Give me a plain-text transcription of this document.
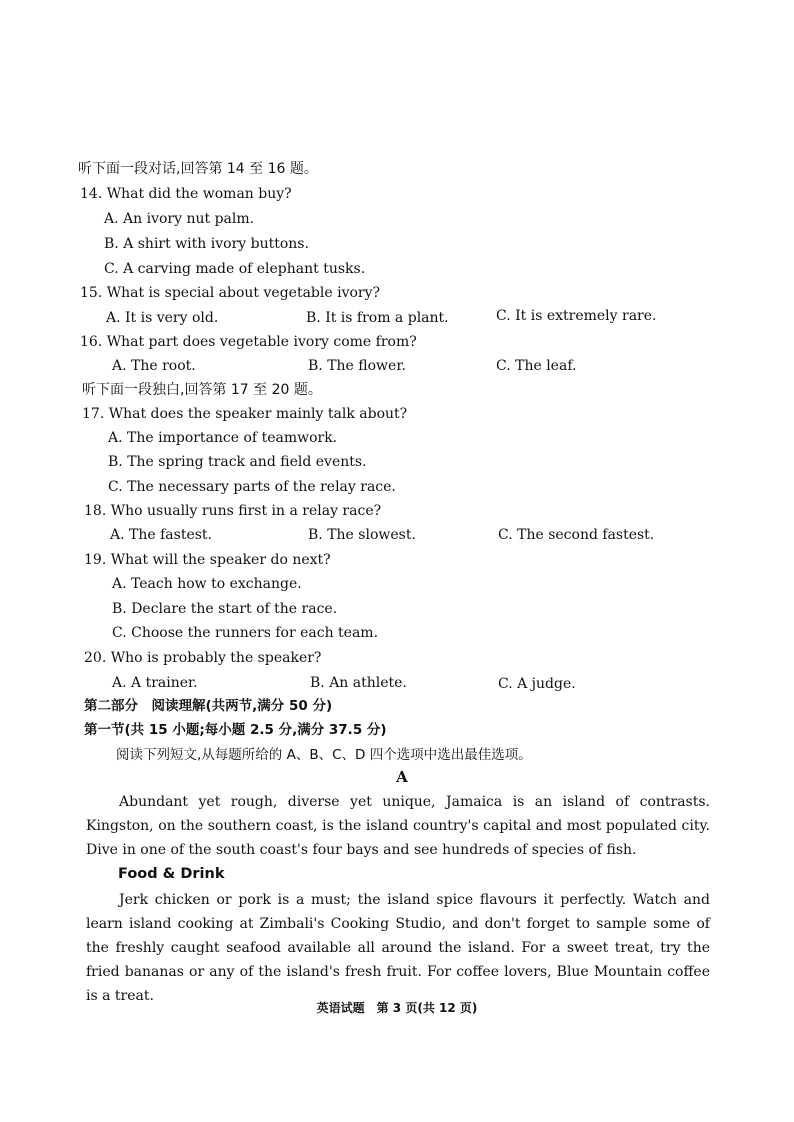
听下面一段对话,回答第 14 至 16 题。
14. What did the woman buy?
A. An ivory nut palm.
B. A shirt with ivory buttons.
C. A carving made of elephant tusks.
15. What is special about vegetable ivory?
A. It is very old.	B. It is from a plant.	C. It is extremely rare.
16. What part does vegetable ivory come from?
A. The root.	B. The flower.	C. The leaf.
听下面一段独白,回答第 17 至 20 题。
17. What does the speaker mainly talk about?
A. The importance of teamwork.
B. The spring track and field events.
C. The necessary parts of the relay race.
18. Who usually runs first in a relay race?
A. The fastest.	B. The slowest.	C. The second fastest.
19. What will the speaker do next?
A. Teach how to exchange.
B. Declare the start of the race.
C. Choose the runners for each team.
20. Who is probably the speaker?
A. A trainer.	B. An athlete.	C. A judge.
第二部分　阅读理解(共两节,满分 50 分)
第一节(共 15 小题;每小题 2.5 分,满分 37.5 分)
阅读下列短文,从每题所给的 A、B、C、D 四个选项中选出最佳选项。
A
Abundant yet rough, diverse yet unique, Jamaica is an island of contrasts. Kingston, on the southern coast, is the island country's capital and most populated city. Dive in one of the south coast's four bays and see hundreds of species of fish.
Food & Drink
Jerk chicken or pork is a must; the island spice flavours it perfectly. Watch and learn island cooking at Zimbali's Cooking Studio, and don't forget to sample some of the freshly caught seafood available all around the island. For a sweet treat, try the fried bananas or any of the island's fresh fruit. For coffee lovers, Blue Mountain coffee is a treat.
英语试题　第 3 页(共 12 页)
